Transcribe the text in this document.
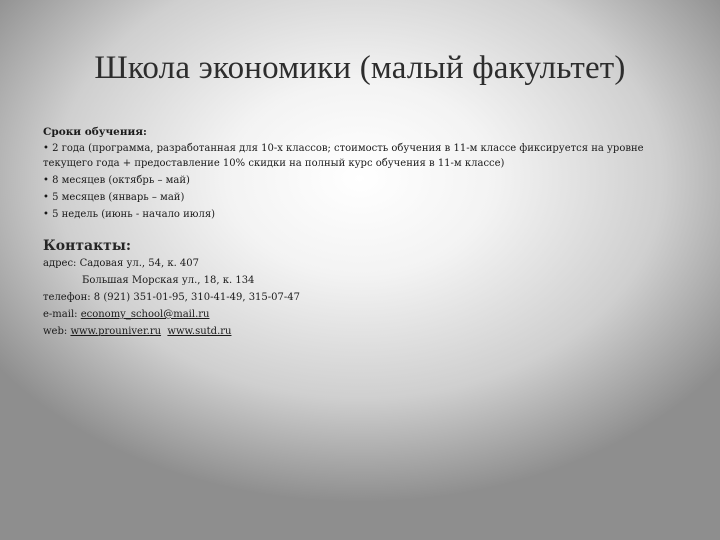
Школа экономики (малый факультет)
Сроки обучения:
• 2 года (программа, разработанная для 10-х классов; стоимость обучения в 11-м классе фиксируется на уровне текущего года + предоставление 10% скидки на полный курс обучения в 11-м классе)
• 8 месяцев (октябрь – май)
• 5 месяцев (январь – май)
• 5 недель (июнь - начало июля)
Контакты:
адрес: Садовая ул., 54, к. 407
Большая Морская ул., 18, к. 134
телефон: 8 (921) 351-01-95, 310-41-49, 315-07-47
e-mail: economy_school@mail.ru
web: www.prouniver.ru www.sutd.ru
